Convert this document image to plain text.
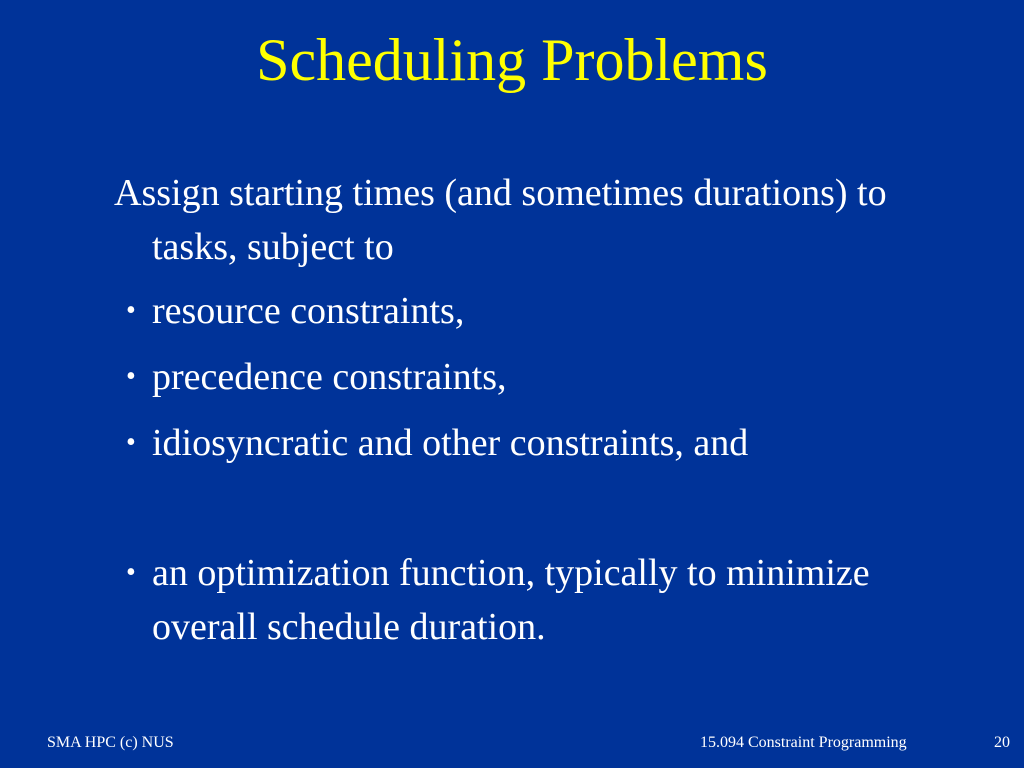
Scheduling Problems
Assign starting times (and sometimes durations) to tasks, subject to
• resource constraints,
• precedence constraints,
• idiosyncratic and other constraints, and
• an optimization function, typically to minimize overall schedule duration.
SMA HPC (c) NUS	15.094 Constraint Programming	20
